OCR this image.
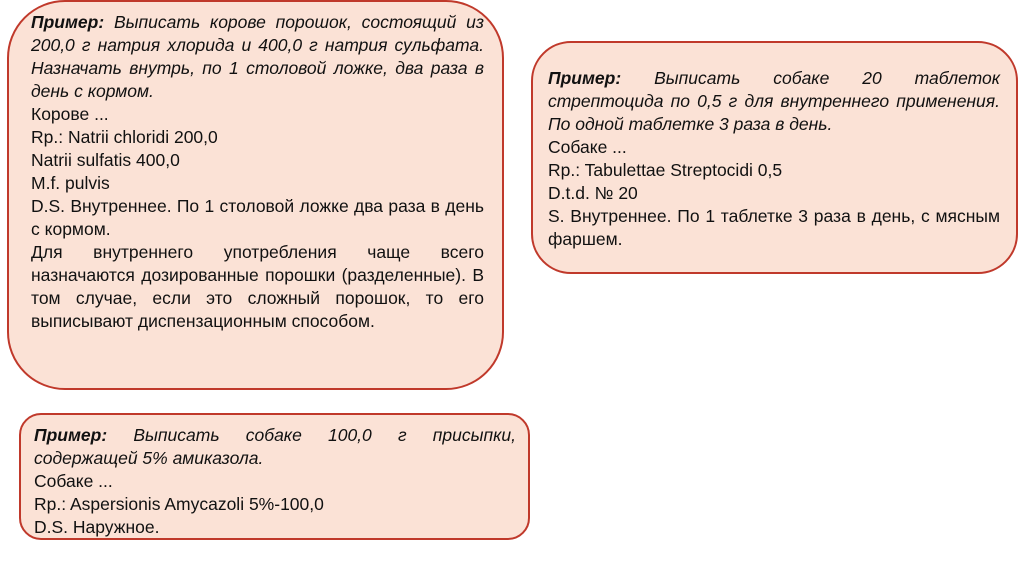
Пример: Выписать корове порошок, состоящий из 200,0 г натрия хлорида и 400,0 г натрия сульфата. Назначать внутрь, по 1 столовой ложке, два раза в день с кормом.

Корове ...

Rp.: Natrii chloridi 200,0

Natrii sulfatis 400,0

M.f. pulvis

D.S. Внутреннее. По 1 столовой ложке два раза в день с кормом.

Для внутреннего употребления чаще всего назначаются дозированные порошки (разделенные). В том случае, если это сложный порошок, то его выписывают диспензационным способом.

Пример: Выписать собаке 20 таблеток стрептоцида по 0,5 г для внутреннего применения. По одной таблетке 3 раза в день.

Собаке ...

Rp.: Tabulettae Streptocidi 0,5

D.t.d. № 20

S. Внутреннее. По 1 таблетке 3 раза в день, с мясным фаршем.

Пример: Выписать собаке 100,0 г присыпки, содержащей 5% амиказола.

Собаке ...

Rp.: Aspersionis Amycazoli 5%-100,0

D.S. Наружное.
